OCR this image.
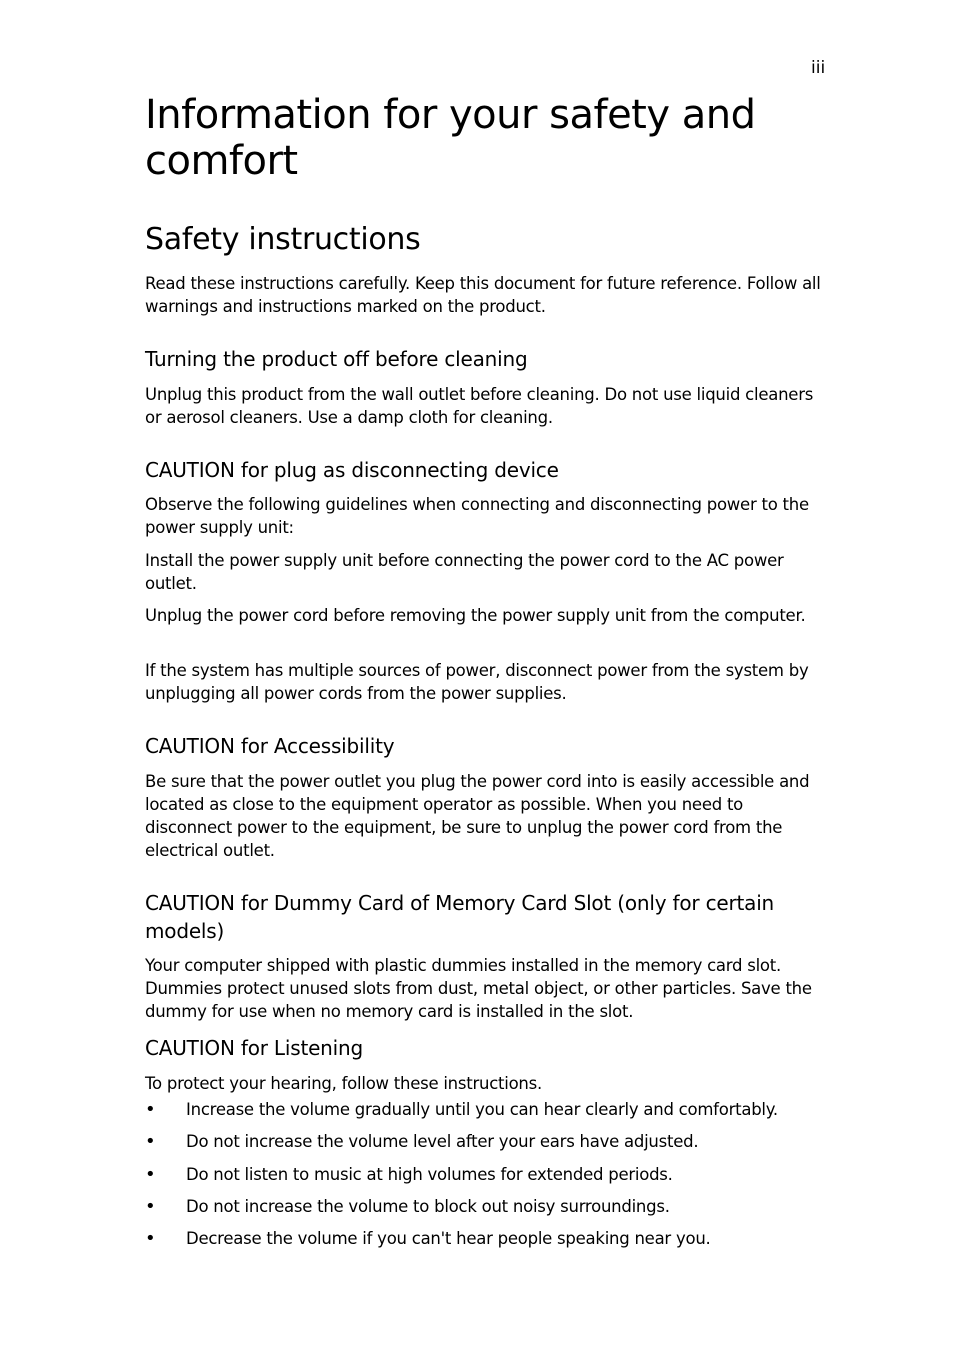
iii
Information for your safety and comfort
Safety instructions

Read these instructions carefully. Keep this document for future reference. Follow all warnings and instructions marked on the product.

Turning the product off before cleaning

Unplug this product from the wall outlet before cleaning. Do not use liquid cleaners or aerosol cleaners. Use a damp cloth for cleaning.

CAUTION for plug as disconnecting device

Observe the following guidelines when connecting and disconnecting power to the power supply unit:

Install the power supply unit before connecting the power cord to the AC power outlet.

Unplug the power cord before removing the power supply unit from the computer.

If the system has multiple sources of power, disconnect power from the system by unplugging all power cords from the power supplies.

CAUTION for Accessibility

Be sure that the power outlet you plug the power cord into is easily accessible and located as close to the equipment operator as possible. When you need to disconnect power to the equipment, be sure to unplug the power cord from the electrical outlet.

CAUTION for Dummy Card of Memory Card Slot (only for certain models)

Your computer shipped with plastic dummies installed in the memory card slot. Dummies protect unused slots from dust, metal object, or other particles. Save the dummy for use when no memory card is installed in the slot.

CAUTION for Listening

To protect your hearing, follow these instructions.

• Increase the volume gradually until you can hear clearly and comfortably.
• Do not increase the volume level after your ears have adjusted.
• Do not listen to music at high volumes for extended periods.
• Do not increase the volume to block out noisy surroundings.
• Decrease the volume if you can't hear people speaking near you.
